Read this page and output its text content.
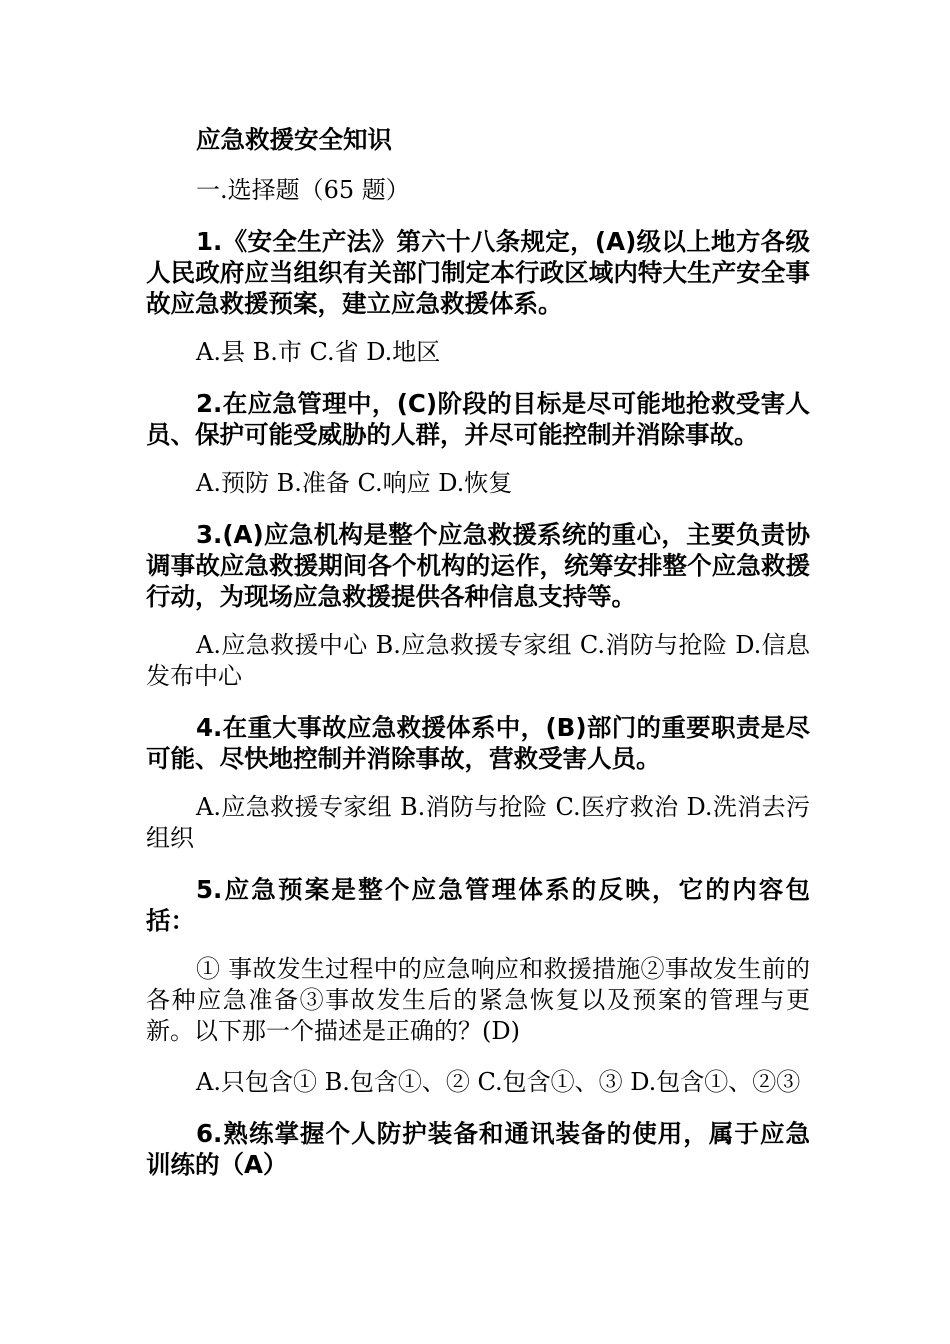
应急救援安全知识

一.选择题（65 题）

1.《安全生产法》第六十八条规定，(A)级以上地方各级人民政府应当组织有关部门制定本行政区域内特大生产安全事故应急救援预案，建立应急救援体系。

A.县 B.市 C.省 D.地区

2.在应急管理中，(C)阶段的目标是尽可能地抢救受害人员、保护可能受威胁的人群，并尽可能控制并消除事故。

A.预防 B.准备 C.响应 D.恢复

3.(A)应急机构是整个应急救援系统的重心，主要负责协调事故应急救援期间各个机构的运作，统筹安排整个应急救援行动，为现场应急救援提供各种信息支持等。

A.应急救援中心 B.应急救援专家组 C.消防与抢险 D.信息发布中心

4.在重大事故应急救援体系中，(B)部门的重要职责是尽可能、尽快地控制并消除事故，营救受害人员。

A.应急救援专家组 B.消防与抢险 C.医疗救治 D.洗消去污组织

5.应急预案是整个应急管理体系的反映，它的内容包括：

① 事故发生过程中的应急响应和救援措施②事故发生前的各种应急准备③事故发生后的紧急恢复以及预案的管理与更新。以下那一个描述是正确的？(D)

A.只包含① B.包含①、② C.包含①、③ D.包含①、②③

6.熟练掌握个人防护装备和通讯装备的使用，属于应急训练的（A）
